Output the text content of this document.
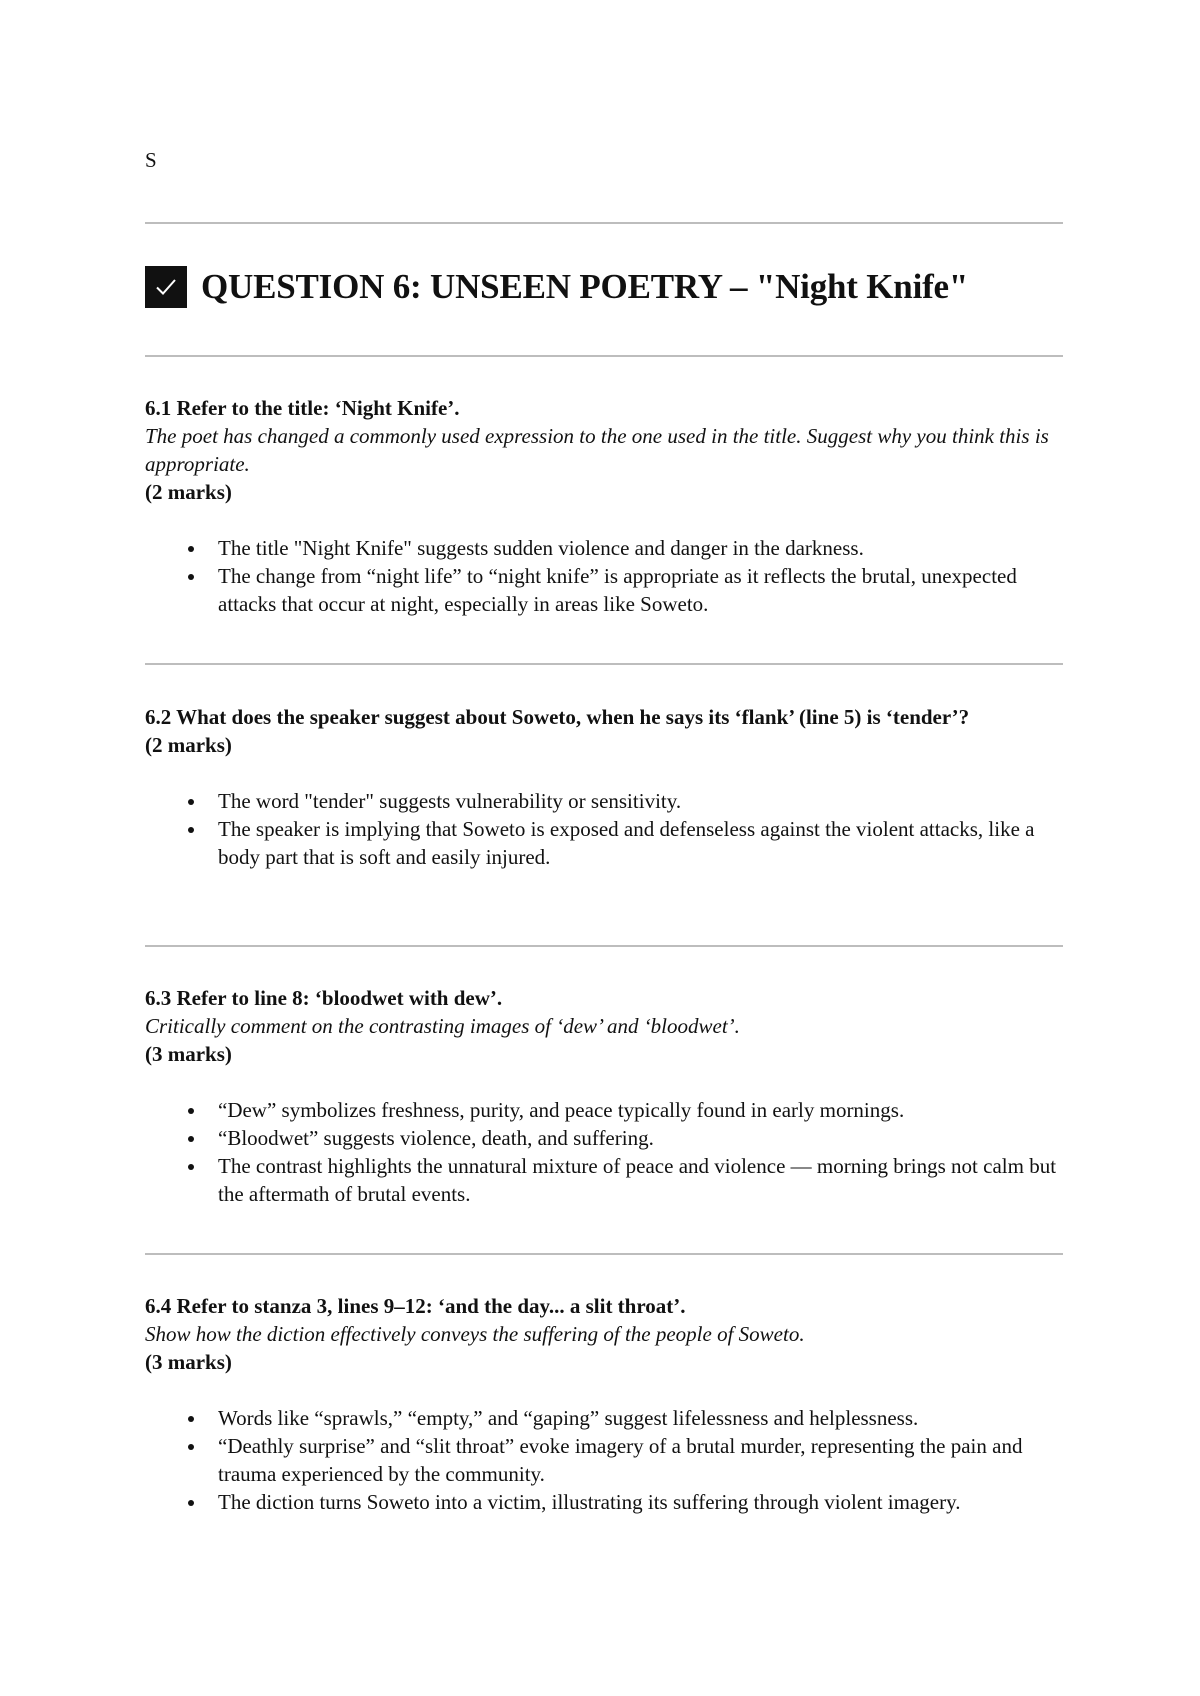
S
QUESTION 6: UNSEEN POETRY – "Night Knife"
6.1 Refer to the title: ‘Night Knife’.
The poet has changed a commonly used expression to the one used in the title. Suggest why you think this is appropriate.
(2 marks)
The title "Night Knife" suggests sudden violence and danger in the darkness.
The change from “night life” to “night knife” is appropriate as it reflects the brutal, unexpected attacks that occur at night, especially in areas like Soweto.
6.2 What does the speaker suggest about Soweto, when he says its ‘flank’ (line 5) is ‘tender’?
(2 marks)
The word "tender" suggests vulnerability or sensitivity.
The speaker is implying that Soweto is exposed and defenseless against the violent attacks, like a body part that is soft and easily injured.
6.3 Refer to line 8: ‘bloodwet with dew’.
Critically comment on the contrasting images of ‘dew’ and ‘bloodwet’.
(3 marks)
“Dew” symbolizes freshness, purity, and peace typically found in early mornings.
“Bloodwet” suggests violence, death, and suffering.
The contrast highlights the unnatural mixture of peace and violence — morning brings not calm but the aftermath of brutal events.
6.4 Refer to stanza 3, lines 9–12: ‘and the day... a slit throat’.
Show how the diction effectively conveys the suffering of the people of Soweto.
(3 marks)
Words like “sprawls,” “empty,” and “gaping” suggest lifelessness and helplessness.
“Deathly surprise” and “slit throat” evoke imagery of a brutal murder, representing the pain and trauma experienced by the community.
The diction turns Soweto into a victim, illustrating its suffering through violent imagery.
